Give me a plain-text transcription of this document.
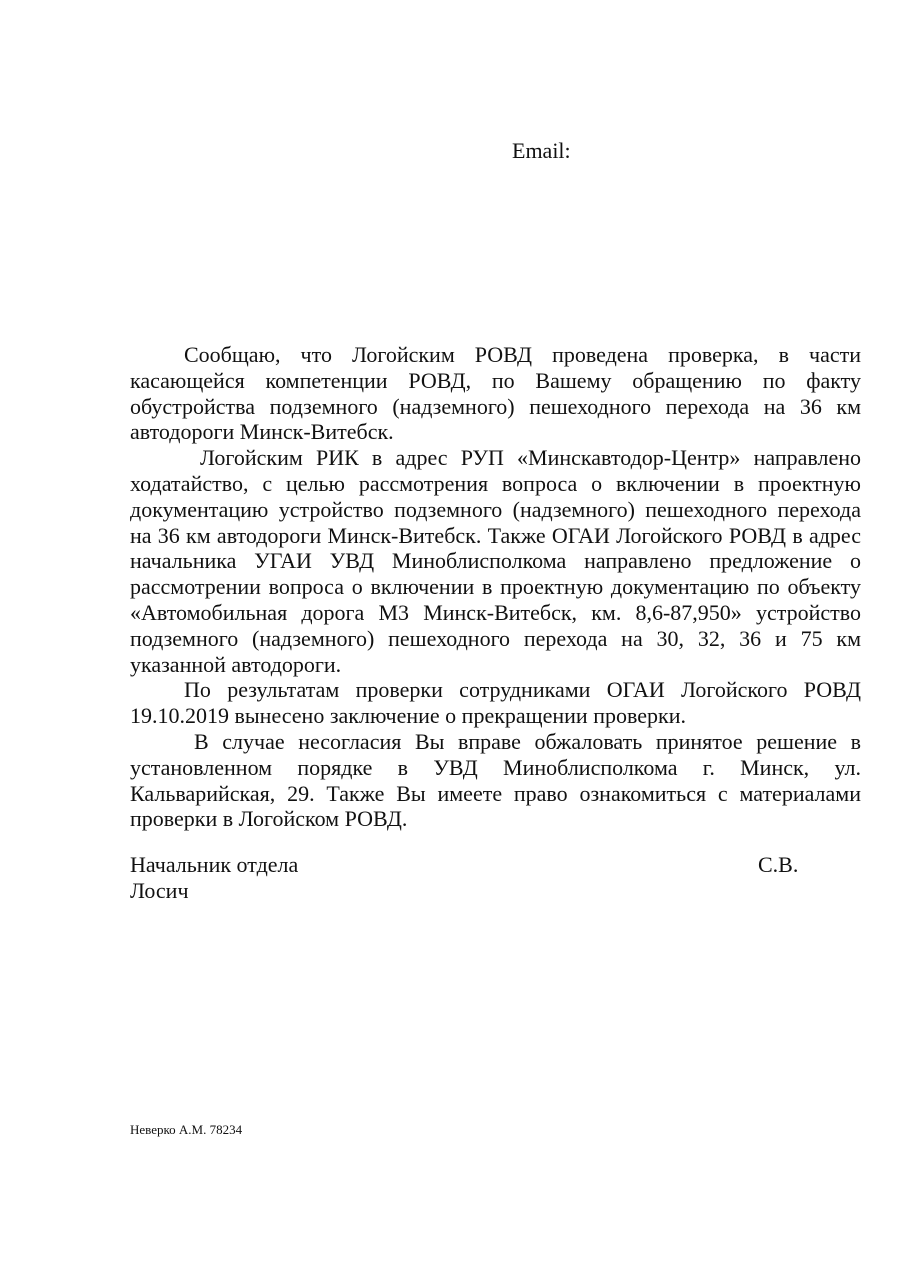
Email:

Сообщаю, что Логойским РОВД проведена проверка, в части касающейся компетенции РОВД, по Вашему обращению по факту обустройства подземного (надземного) пешеходного перехода на 36 км автодороги Минск-Витебск.

Логойским РИК в адрес РУП «Минскавтодор-Центр» направлено ходатайство, с целью рассмотрения вопроса о включении в проектную документацию устройство подземного (надземного) пешеходного перехода на 36 км автодороги Минск-Витебск. Также ОГАИ Логойского РОВД в адрес начальника УГАИ УВД Миноблисполкома направлено предложение о рассмотрении вопроса о включении в проектную документацию по объекту «Автомобильная дорога М3 Минск-Витебск, км. 8,6-87,950» устройство подземного (надземного) пешеходного перехода на 30, 32, 36 и 75 км указанной автодороги.

По результатам проверки сотрудниками ОГАИ Логойского РОВД 19.10.2019 вынесено заключение о прекращении проверки.

В случае несогласия Вы вправе обжаловать принятое решение в установленном порядке в УВД Миноблисполкома г. Минск, ул. Кальварийская, 29. Также Вы имеете право ознакомиться с материалами проверки в Логойском РОВД.

Начальник отдела	С.В.
Лосич
Неверко А.М. 78234
